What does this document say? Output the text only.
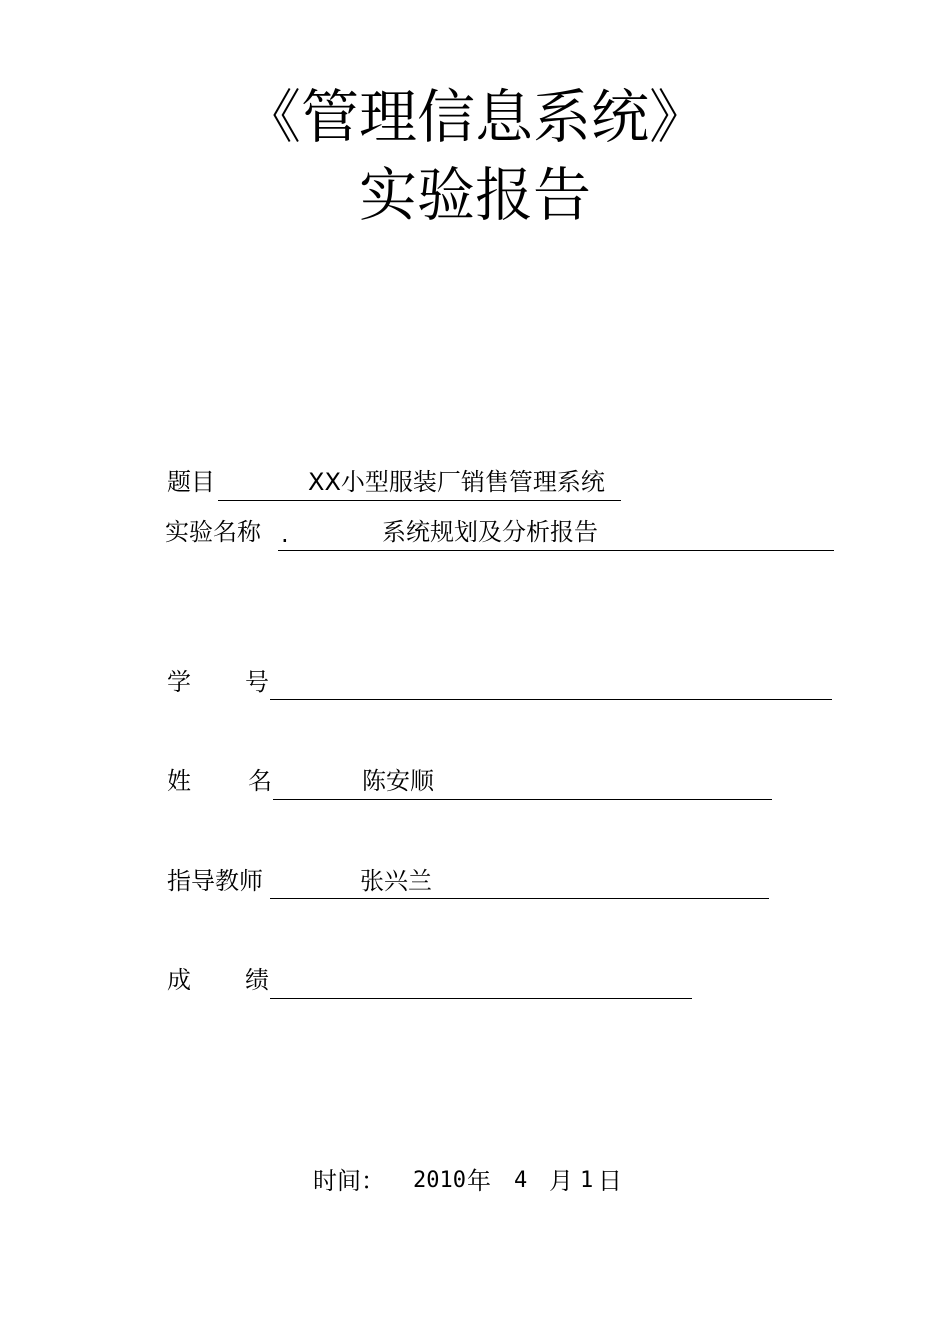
《管理信息系统》
实验报告
题目	XX小型服装厂销售管理系统
实验名称 .	系统规划及分析报告
学 号
姓 名	陈安顺
指导教师	张兴兰
成 绩
时间： 2010 年 4 月 1 日
